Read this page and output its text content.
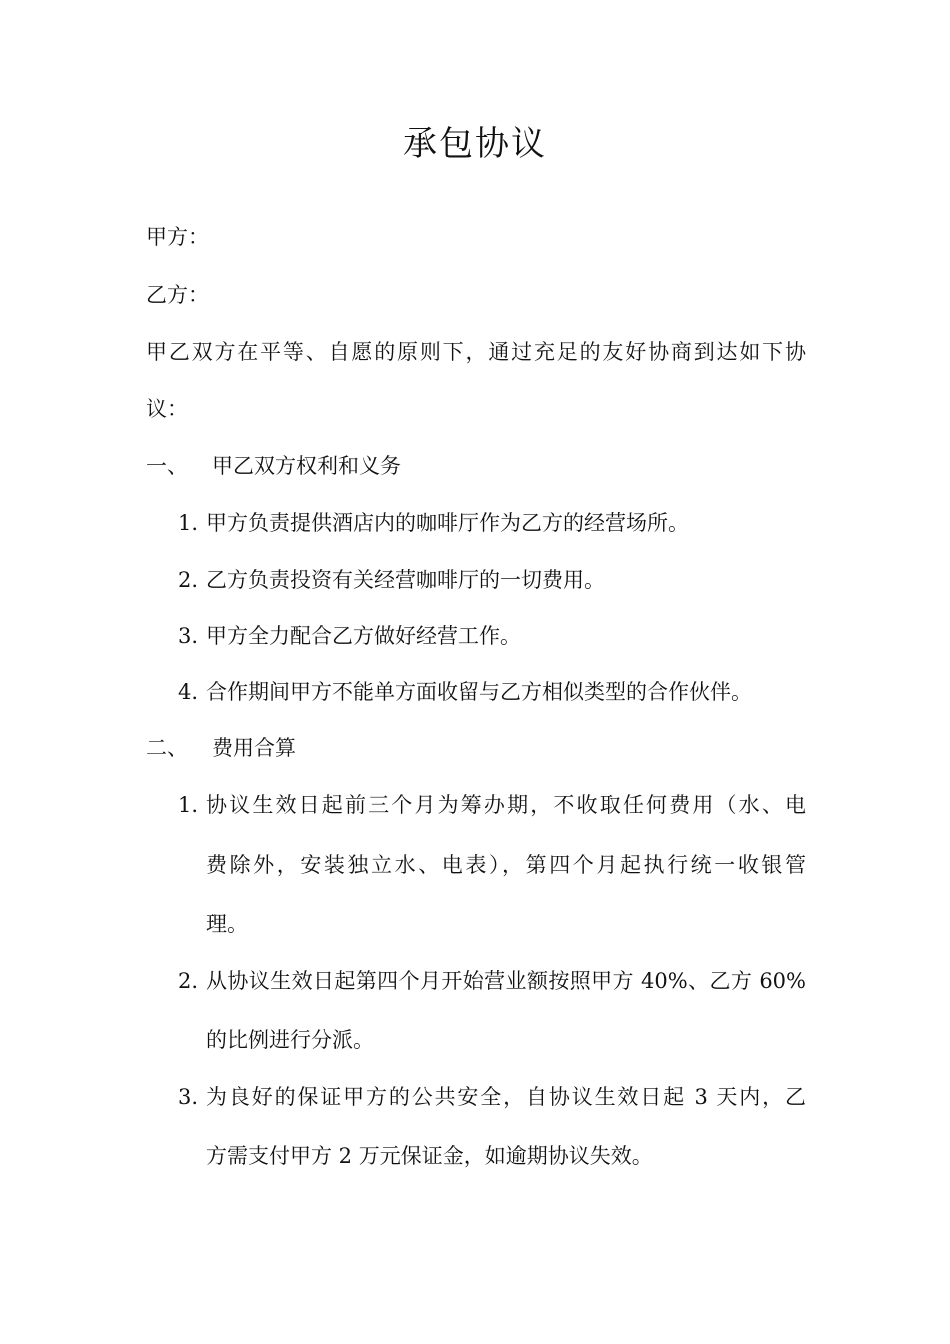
承包协议
甲方：
乙方：
甲乙双方在平等、自愿的原则下，通过充足的友好协商到达如下协
议：
一、 甲乙双方权利和义务
1. 甲方负责提供酒店内的咖啡厅作为乙方的经营场所。
2. 乙方负责投资有关经营咖啡厅的一切费用。
3. 甲方全力配合乙方做好经营工作。
4. 合作期间甲方不能单方面收留与乙方相似类型的合作伙伴。
二、 费用合算
1. 协议生效日起前三个月为筹办期，不收取任何费用（水、电
费除外，安装独立水、电表），第四个月起执行统一收银管
理。
2. 从协议生效日起第四个月开始营业额按照甲方 40%、乙方 60%
的比例进行分派。
3. 为良好的保证甲方的公共安全，自协议生效日起 3 天内，乙
方需支付甲方 2 万元保证金，如逾期协议失效。
